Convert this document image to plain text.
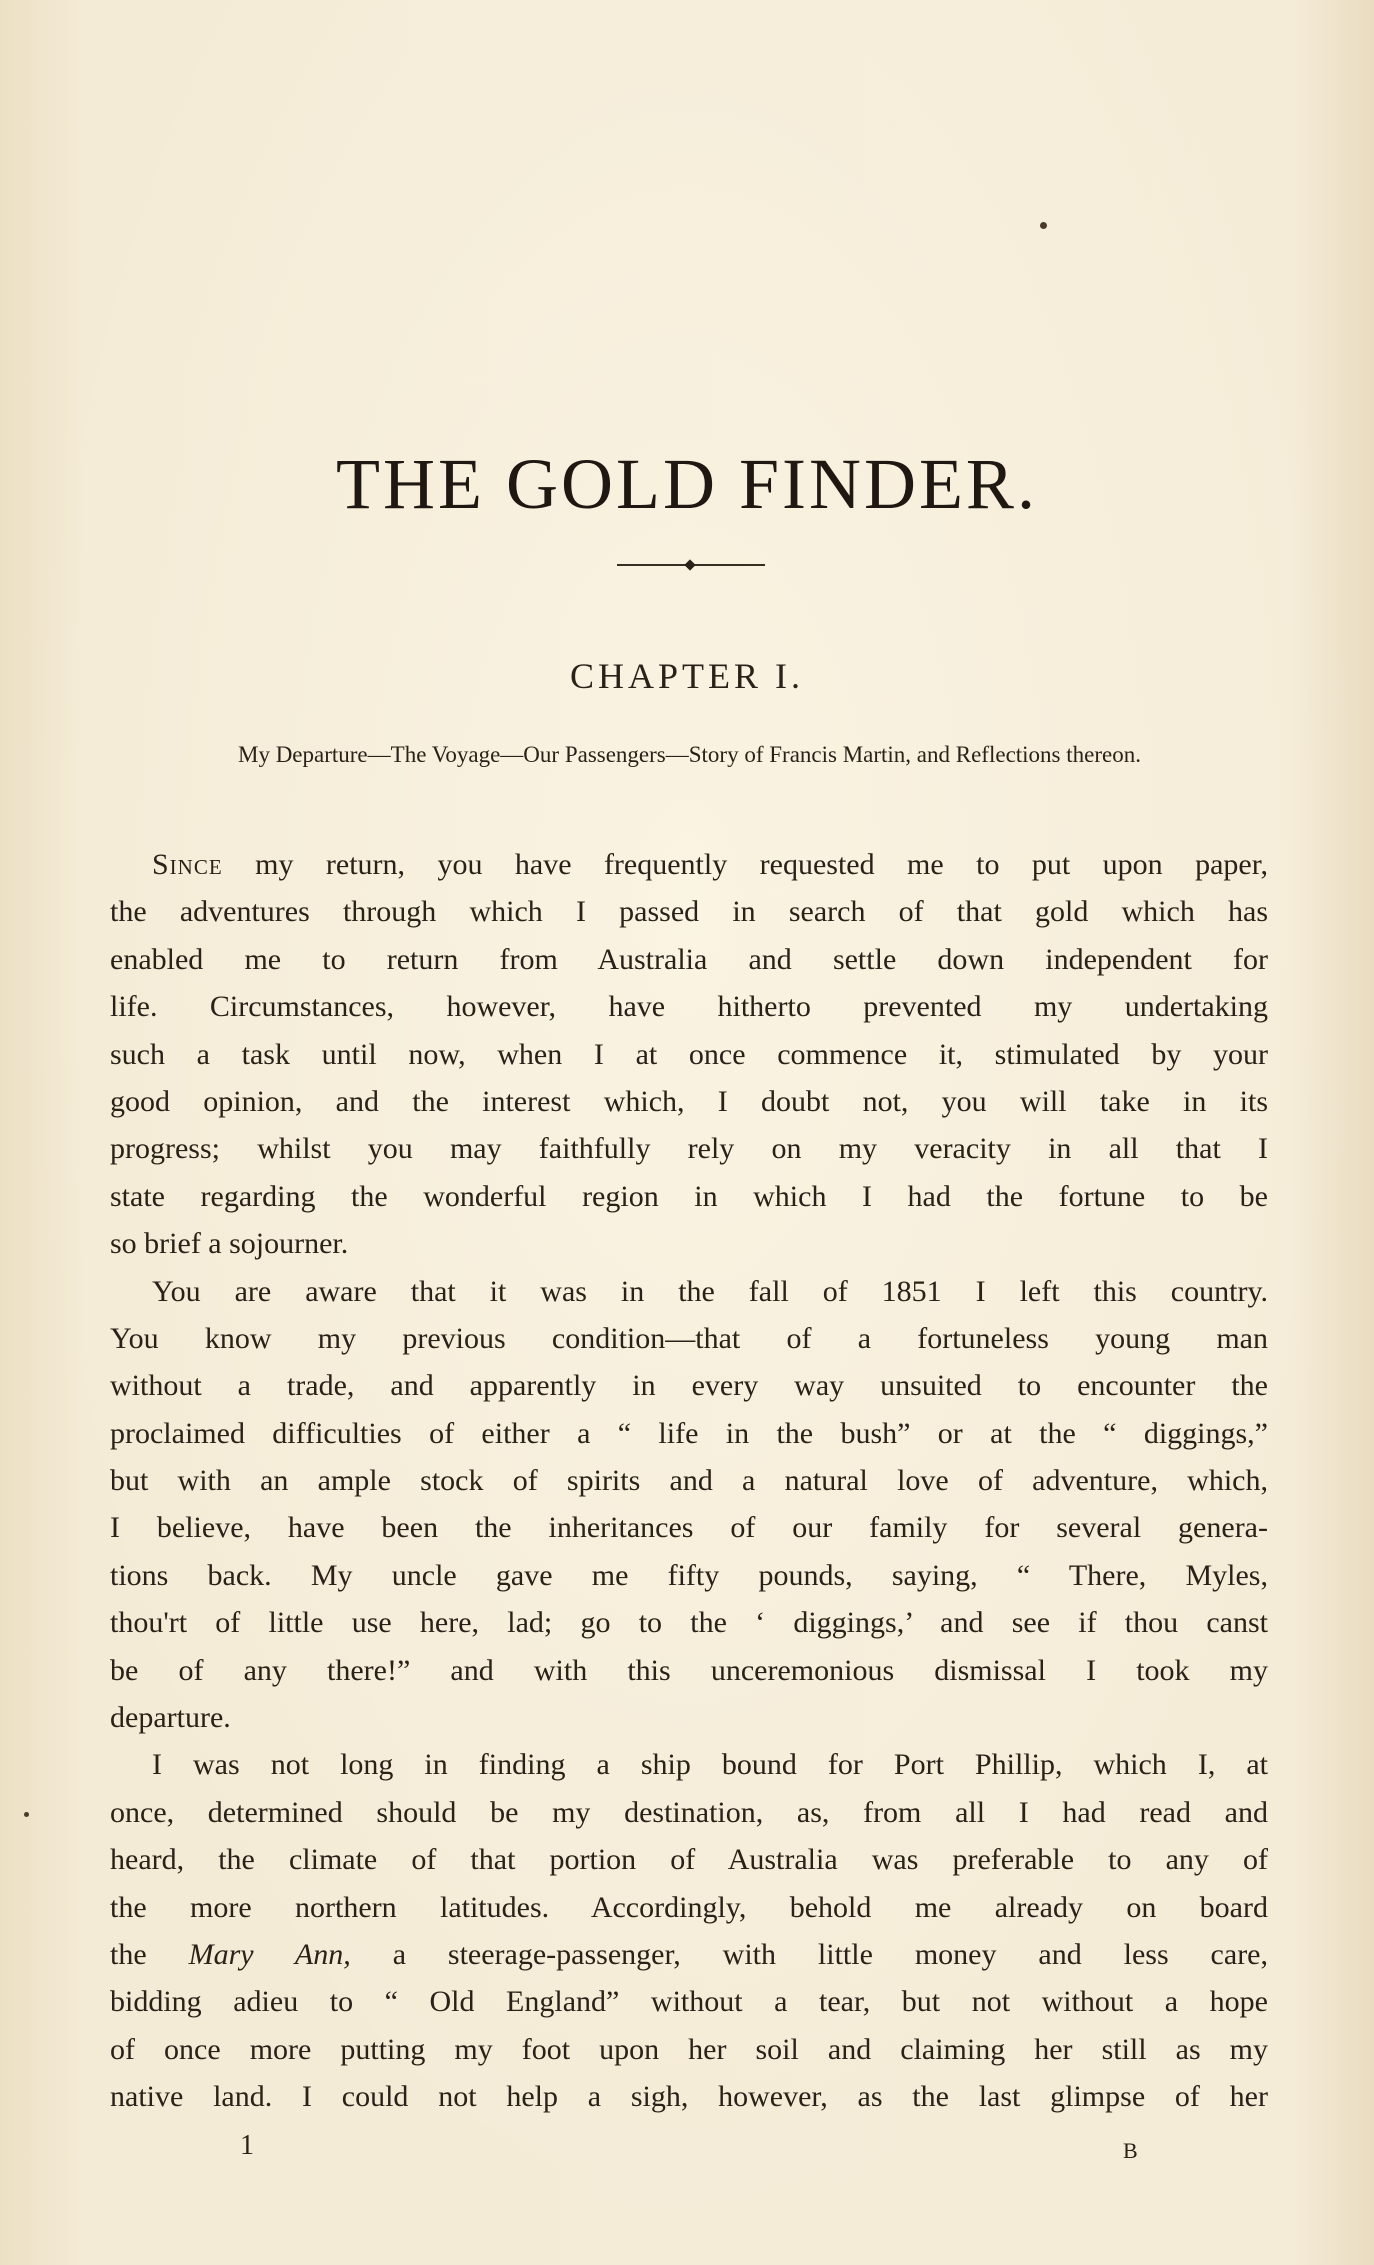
THE GOLD FINDER.
CHAPTER I.
My Departure—The Voyage—Our Passengers—Story of Francis Martin, and Reflections thereon.
Since my return, you have frequently requested me to put upon paper,
the adventures through which I passed in search of that gold which has
enabled me to return from Australia and settle down independent for
life. Circumstances, however, have hitherto prevented my undertaking
such a task until now, when I at once commence it, stimulated by your
good opinion, and the interest which, I doubt not, you will take in its
progress; whilst you may faithfully rely on my veracity in all that I
state regarding the wonderful region in which I had the fortune to be
so brief a sojourner.
You are aware that it was in the fall of 1851 I left this country.
You know my previous condition—that of a fortuneless young man
without a trade, and apparently in every way unsuited to encounter the
proclaimed difficulties of either a “ life in the bush” or at the “ diggings,”
but with an ample stock of spirits and a natural love of adventure, which,
I believe, have been the inheritances of our family for several genera-
tions back. My uncle gave me fifty pounds, saying, “ There, Myles,
thou'rt of little use here, lad; go to the ‘ diggings,’ and see if thou canst
be of any there!” and with this unceremonious dismissal I took my
departure.
I was not long in finding a ship bound for Port Phillip, which I, at
once, determined should be my destination, as, from all I had read and
heard, the climate of that portion of Australia was preferable to any of
the more northern latitudes. Accordingly, behold me already on board
the Mary Ann, a steerage-passenger, with little money and less care,
bidding adieu to “ Old England” without a tear, but not without a hope
of once more putting my foot upon her soil and claiming her still as my
native land. I could not help a sigh, however, as the last glimpse of her
1	B
